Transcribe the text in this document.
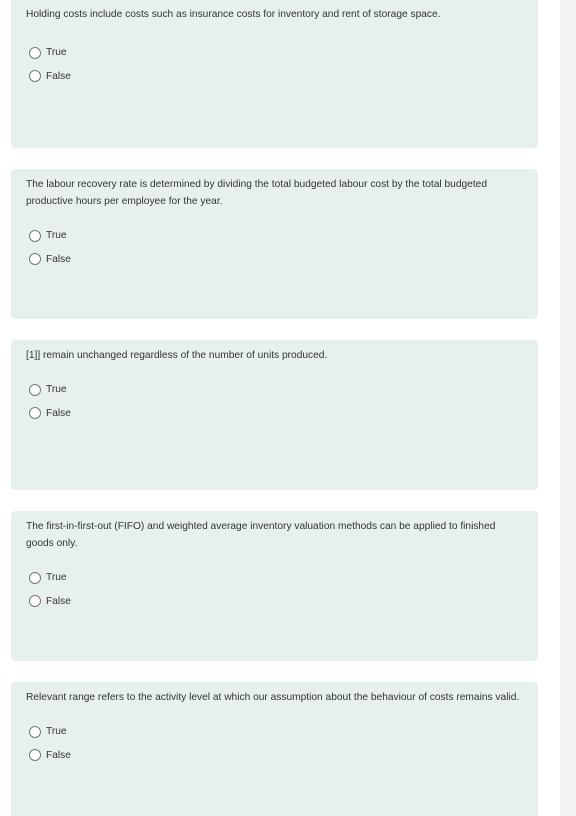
Holding costs include costs such as insurance costs for inventory and rent of storage space.

True
False

The labour recovery rate is determined by dividing the total budgeted labour cost by the total budgeted productive hours per employee for the year.

True
False

[1]] remain unchanged regardless of the number of units produced.

True
False

The first-in-first-out (FIFO) and weighted average inventory valuation methods can be applied to finished goods only.

True
False

Relevant range refers to the activity level at which our assumption about the behaviour of costs remains valid.

True
False
